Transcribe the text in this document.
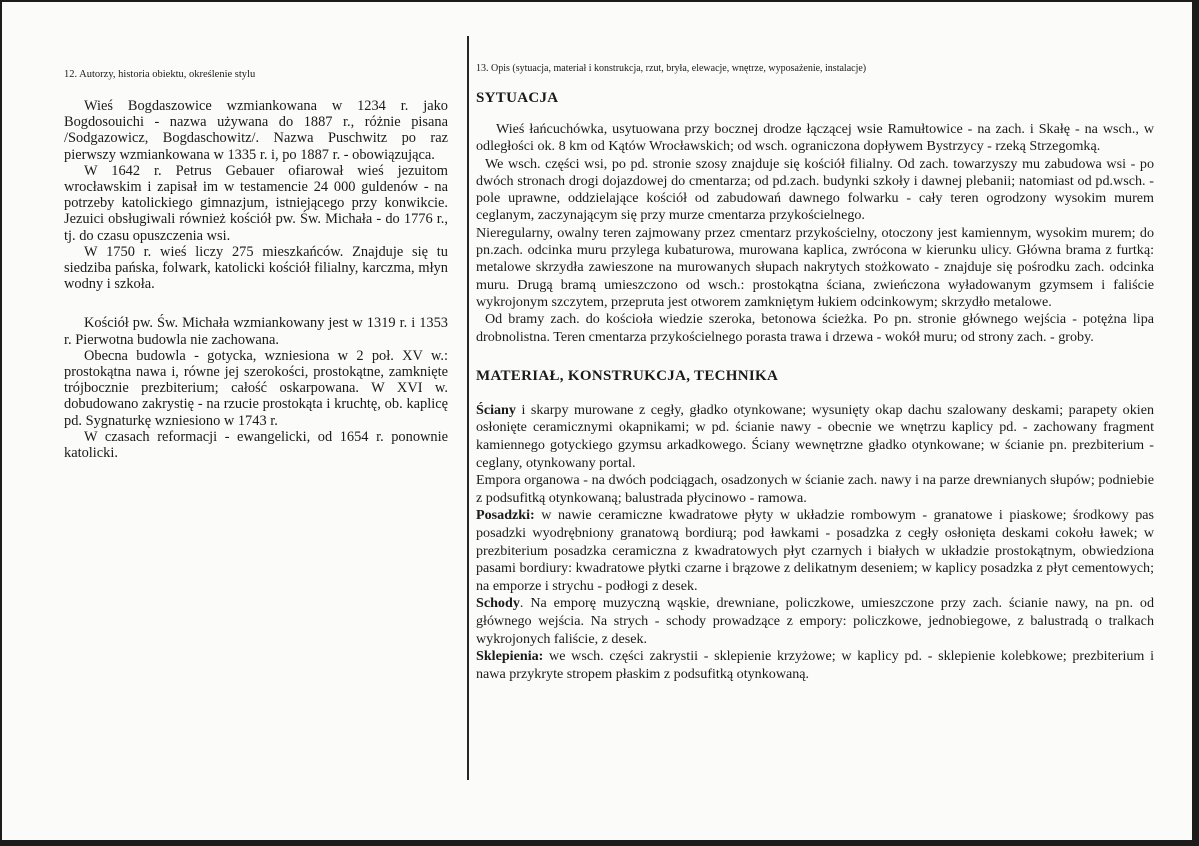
12. Autorzy, historia obiektu, określenie stylu

Wieś Bogdaszowice wzmiankowana w 1234 r. jako Bogdosouichi - nazwa używana do 1887 r., różnie pisana /Sodgazowicz, Bogdaschowitz/. Nazwa Puschwitz po raz pierwszy wzmiankowana w 1335 r. i, po 1887 r. - obowiązująca.

W 1642 r. Petrus Gebauer ofiarował wieś jezuitom wrocławskim i zapisał im w testamencie 24 000 guldenów - na potrzeby katolickiego gimnazjum, istniejącego przy konwikcie. Jezuici obsługiwali również kościół pw. Św. Michała - do 1776 r., tj. do czasu opuszczenia wsi.

W 1750 r. wieś liczy 275 mieszkańców. Znajduje się tu siedziba pańska, folwark, katolicki kościół filialny, karczma, młyn wodny i szkoła.

Kościół pw. Św. Michała wzmiankowany jest w 1319 r. i 1353 r. Pierwotna budowla nie zachowana.

Obecna budowla - gotycka, wzniesiona w 2 poł. XV w.: prostokątna nawa i, równe jej szerokości, prostokątne, zamknięte trójbocznie prezbiterium; całość oskarpowana. W XVI w. dobudowano zakrystię - na rzucie prostokąta i kruchtę, ob. kaplicę pd. Sygnaturkę wzniesiono w 1743 r.

W czasach reformacji - ewangelicki, od 1654 r. ponownie katolicki.

13. Opis (sytuacja, materiał i konstrukcja, rzut, bryła, elewacje, wnętrze, wyposażenie, instalacje)

SYTUACJA

Wieś łańcuchówka, usytuowana przy bocznej drodze łączącej wsie Ramułtowice - na zach. i Skałę - na wsch., w odległości ok. 8 km od Kątów Wrocławskich; od wsch. ograniczona dopływem Bystrzycy - rzeką Strzegomką.

We wsch. części wsi, po pd. stronie szosy znajduje się kościół filialny. Od zach. towarzyszy mu zabudowa wsi - po dwóch stronach drogi dojazdowej do cmentarza; od pd.zach. budynki szkoły i dawnej plebanii; natomiast od pd.wsch. - pole uprawne, oddzielające kościół od zabudowań dawnego folwarku - cały teren ogrodzony wysokim murem ceglanym, zaczynającym się przy murze cmentarza przykościelnego.

Nieregularny, owalny teren zajmowany przez cmentarz przykościelny, otoczony jest kamiennym, wysokim murem; do pn.zach. odcinka muru przylega kubaturowa, murowana kaplica, zwrócona w kierunku ulicy. Główna brama z furtką: metalowe skrzydła zawieszone na murowanych słupach nakrytych stożkowato - znajduje się pośrodku zach. odcinka muru. Drugą bramą umieszczono od wsch.: prostokątna ściana, zwieńczona wyładowanym gzymsem i faliście wykrojonym szczytem, przepruta jest otworem zamkniętym łukiem odcinkowym; skrzydło metalowe.

Od bramy zach. do kościoła wiedzie szeroka, betonowa ścieżka. Po pn. stronie głównego wejścia - potężna lipa drobnolistna. Teren cmentarza przykościelnego porasta trawa i drzewa - wokół muru; od strony zach. - groby.

MATERIAŁ, KONSTRUKCJA, TECHNIKA

Ściany i skarpy murowane z cegły, gładko otynkowane; wysunięty okap dachu szalowany deskami; parapety okien osłonięte ceramicznymi okapnikami; w pd. ścianie nawy - obecnie we wnętrzu kaplicy pd. - zachowany fragment kamiennego gotyckiego gzymsu arkadkowego. Ściany wewnętrzne gładko otynkowane; w ścianie pn. prezbiterium - ceglany, otynkowany portal.

Empora organowa - na dwóch podciągach, osadzonych w ścianie zach. nawy i na parze drewnianych słupów; podniebie z podsufitką otynkowaną; balustrada płycinowo - ramowa.

Posadzki: w nawie ceramiczne kwadratowe płyty w układzie rombowym - granatowe i piaskowe; środkowy pas posadzki wyodrębniony granatową bordiurą; pod ławkami - posadzka z cegły osłonięta deskami cokołu ławek; w prezbiterium posadzka ceramiczna z kwadratowych płyt czarnych i białych w układzie prostokątnym, obwiedziona pasami bordiury: kwadratowe płytki czarne i brązowe z delikatnym deseniem; w kaplicy posadzka z płyt cementowych; na emporze i strychu - podłogi z desek.

Schody. Na emporę muzyczną wąskie, drewniane, policzkowe, umieszczone przy zach. ścianie nawy, na pn. od głównego wejścia. Na strych - schody prowadzące z empory: policzkowe, jednobiegowe, z balustradą o tralkach wykrojonych faliście, z desek.

Sklepienia: we wsch. części zakrystii - sklepienie krzyżowe; w kaplicy pd. - sklepienie kolebkowe; prezbiterium i nawa przykryte stropem płaskim z podsufitką otynkowaną.
